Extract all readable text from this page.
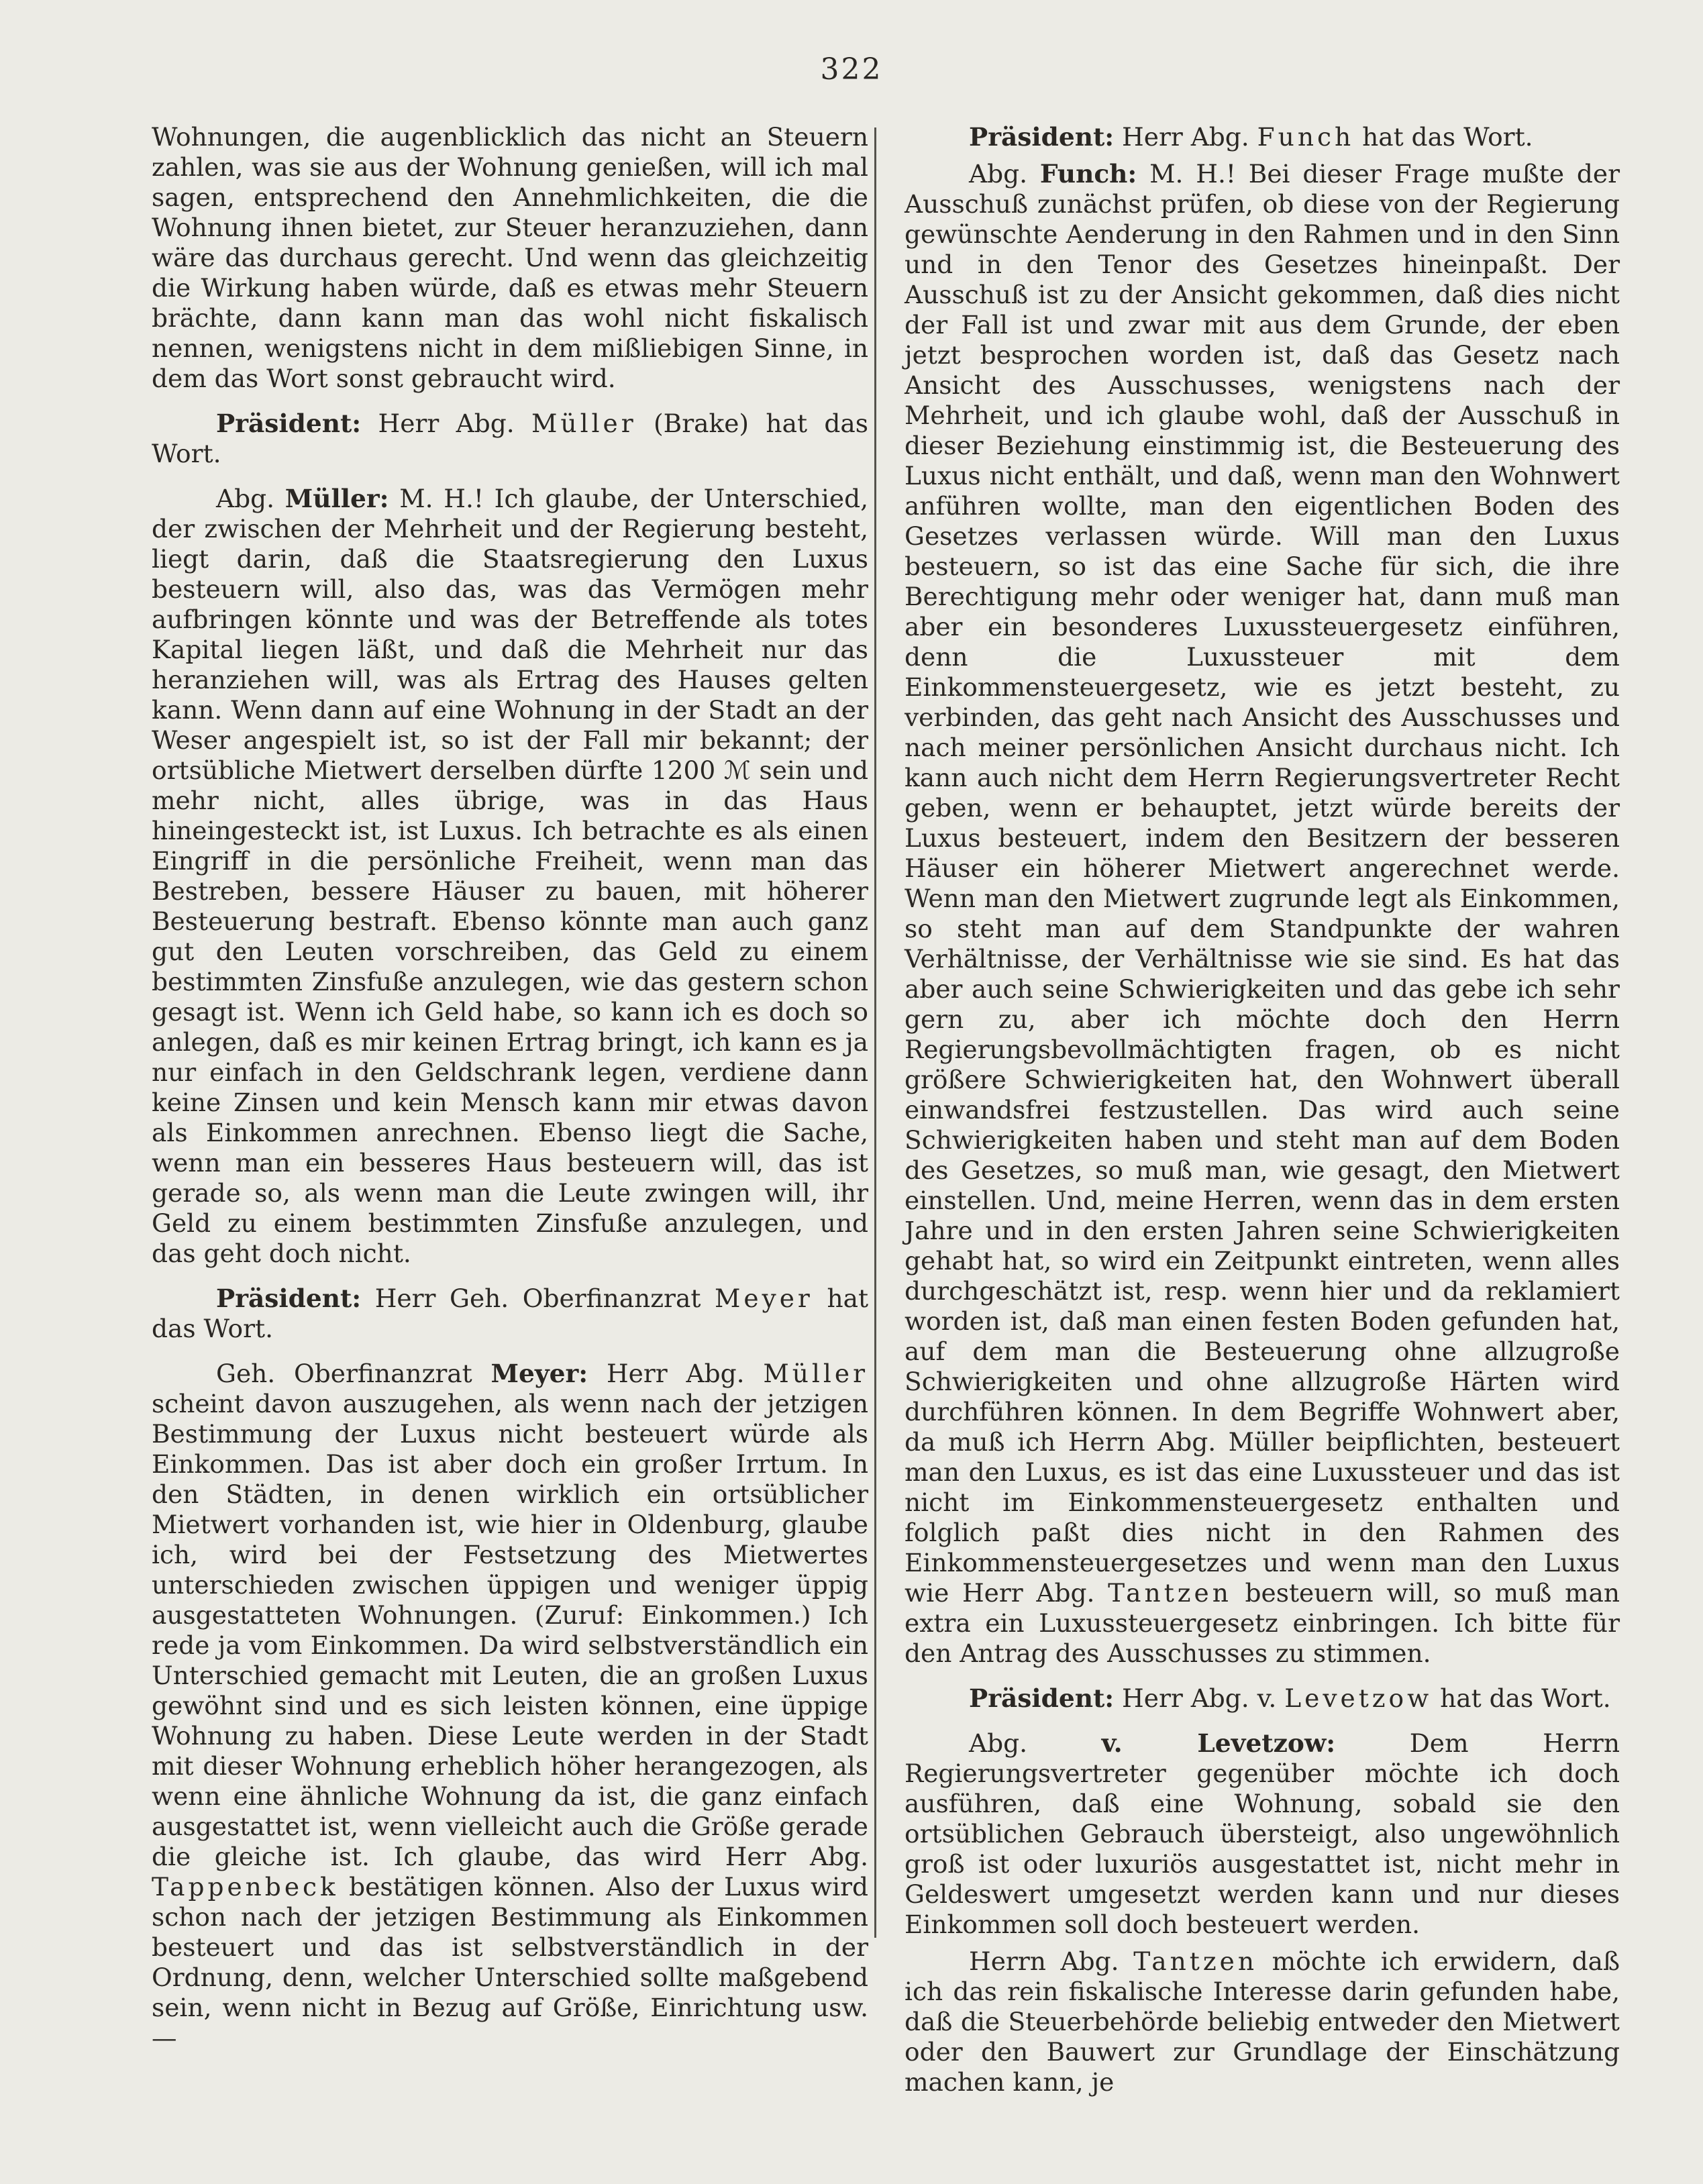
322

Wohnungen, die augenblicklich das nicht an Steuern zahlen, was sie aus der Wohnung genießen, will ich mal sagen, entsprechend den Annehmlichkeiten, die die Wohnung ihnen bietet, zur Steuer heranzuziehen, dann wäre das durchaus gerecht. Und wenn das gleichzeitig die Wirkung haben würde, daß es etwas mehr Steuern brächte, dann kann man das wohl nicht fiskalisch nennen, wenigstens nicht in dem mißliebigen Sinne, in dem das Wort sonst gebraucht wird.

Präsident: Herr Abg. Müller (Brake) hat das Wort.

Abg. Müller: M. H.! Ich glaube, der Unterschied, der zwischen der Mehrheit und der Regierung besteht, liegt darin, daß die Staatsregierung den Luxus besteuern will, also das, was das Vermögen mehr aufbringen könnte und was der Betreffende als totes Kapital liegen läßt, und daß die Mehrheit nur das heranziehen will, was als Ertrag des Hauses gelten kann. Wenn dann auf eine Wohnung in der Stadt an der Weser angespielt ist, so ist der Fall mir bekannt; der ortsübliche Mietwert derselben dürfte 1200 ℳ sein und mehr nicht, alles übrige, was in das Haus hineingesteckt ist, ist Luxus. Ich betrachte es als einen Eingriff in die persönliche Freiheit, wenn man das Bestreben, bessere Häuser zu bauen, mit höherer Besteuerung bestraft. Ebenso könnte man auch ganz gut den Leuten vorschreiben, das Geld zu einem bestimmten Zinsfuße anzulegen, wie das gestern schon gesagt ist. Wenn ich Geld habe, so kann ich es doch so anlegen, daß es mir keinen Ertrag bringt, ich kann es ja nur einfach in den Geldschrank legen, verdiene dann keine Zinsen und kein Mensch kann mir etwas davon als Einkommen anrechnen. Ebenso liegt die Sache, wenn man ein besseres Haus besteuern will, das ist gerade so, als wenn man die Leute zwingen will, ihr Geld zu einem bestimmten Zinsfuße anzulegen, und das geht doch nicht.

Präsident: Herr Geh. Oberfinanzrat Meyer hat das Wort.

Geh. Oberfinanzrat Meyer: Herr Abg. Müller scheint davon auszugehen, als wenn nach der jetzigen Bestimmung der Luxus nicht besteuert würde als Einkommen. Das ist aber doch ein großer Irrtum. In den Städten, in denen wirklich ein ortsüblicher Mietwert vorhanden ist, wie hier in Oldenburg, glaube ich, wird bei der Festsetzung des Mietwertes unterschieden zwischen üppigen und weniger üppig ausgestatteten Wohnungen. (Zuruf: Einkommen.) Ich rede ja vom Einkommen. Da wird selbstverständlich ein Unterschied gemacht mit Leuten, die an großen Luxus gewöhnt sind und es sich leisten können, eine üppige Wohnung zu haben. Diese Leute werden in der Stadt mit dieser Wohnung erheblich höher herangezogen, als wenn eine ähnliche Wohnung da ist, die ganz einfach ausgestattet ist, wenn vielleicht auch die Größe gerade die gleiche ist. Ich glaube, das wird Herr Abg. Tappenbeck bestätigen können. Also der Luxus wird schon nach der jetzigen Bestimmung als Einkommen besteuert und das ist selbstverständlich in der Ordnung, denn, welcher Unterschied sollte maßgebend sein, wenn nicht in Bezug auf Größe, Einrichtung usw. —

Präsident: Herr Abg. Funch hat das Wort.

Abg. Funch: M. H.! Bei dieser Frage mußte der Ausschuß zunächst prüfen, ob diese von der Regierung gewünschte Aenderung in den Rahmen und in den Sinn und in den Tenor des Gesetzes hineinpaßt. Der Ausschuß ist zu der Ansicht gekommen, daß dies nicht der Fall ist und zwar mit aus dem Grunde, der eben jetzt besprochen worden ist, daß das Gesetz nach Ansicht des Ausschusses, wenigstens nach der Mehrheit, und ich glaube wohl, daß der Ausschuß in dieser Beziehung einstimmig ist, die Besteuerung des Luxus nicht enthält, und daß, wenn man den Wohnwert anführen wollte, man den eigentlichen Boden des Gesetzes verlassen würde. Will man den Luxus besteuern, so ist das eine Sache für sich, die ihre Berechtigung mehr oder weniger hat, dann muß man aber ein besonderes Luxussteuergesetz einführen, denn die Luxussteuer mit dem Einkommensteuergesetz, wie es jetzt besteht, zu verbinden, das geht nach Ansicht des Ausschusses und nach meiner persönlichen Ansicht durchaus nicht. Ich kann auch nicht dem Herrn Regierungsvertreter Recht geben, wenn er behauptet, jetzt würde bereits der Luxus besteuert, indem den Besitzern der besseren Häuser ein höherer Mietwert angerechnet werde. Wenn man den Mietwert zugrunde legt als Einkommen, so steht man auf dem Standpunkte der wahren Verhältnisse, der Verhältnisse wie sie sind. Es hat das aber auch seine Schwierigkeiten und das gebe ich sehr gern zu, aber ich möchte doch den Herrn Regierungsbevollmächtigten fragen, ob es nicht größere Schwierigkeiten hat, den Wohnwert überall einwandsfrei festzustellen. Das wird auch seine Schwierigkeiten haben und steht man auf dem Boden des Gesetzes, so muß man, wie gesagt, den Mietwert einstellen. Und, meine Herren, wenn das in dem ersten Jahre und in den ersten Jahren seine Schwierigkeiten gehabt hat, so wird ein Zeitpunkt eintreten, wenn alles durchgeschätzt ist, resp. wenn hier und da reklamiert worden ist, daß man einen festen Boden gefunden hat, auf dem man die Besteuerung ohne allzugroße Schwierigkeiten und ohne allzugroße Härten wird durchführen können. In dem Begriffe Wohnwert aber, da muß ich Herrn Abg. Müller beipflichten, besteuert man den Luxus, es ist das eine Luxussteuer und das ist nicht im Einkommensteuergesetz enthalten und folglich paßt dies nicht in den Rahmen des Einkommensteuergesetzes und wenn man den Luxus wie Herr Abg. Tantzen besteuern will, so muß man extra ein Luxussteuergesetz einbringen. Ich bitte für den Antrag des Ausschusses zu stimmen.

Präsident: Herr Abg. v. Levetzow hat das Wort.

Abg.	v. Levetzow:	Dem Herrn Regierungsvertreter gegenüber möchte ich doch ausführen, daß eine Wohnung, sobald sie den ortsüblichen Gebrauch übersteigt, also ungewöhnlich groß ist oder luxuriös ausgestattet ist, nicht mehr in Geldeswert umgesetzt werden kann und nur dieses Einkommen soll doch besteuert werden.

Herrn Abg. Tantzen möchte ich erwidern, daß ich das rein fiskalische Interesse darin gefunden habe, daß die Steuerbehörde beliebig entweder den Mietwert oder den Bauwert zur Grundlage der Einschätzung machen kann, je
